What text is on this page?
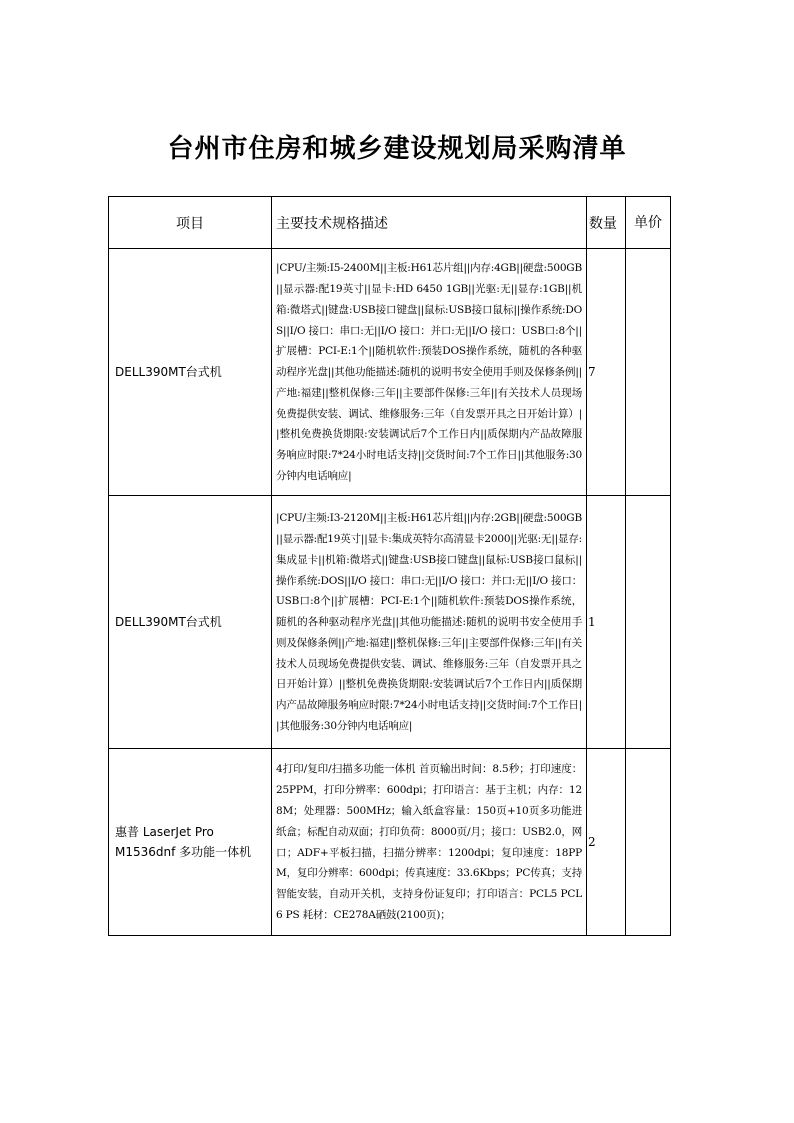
台州市住房和城乡建设规划局采购清单
项目	主要技术规格描述	数量	单价
DELL390MT台式机	|CPU/主频:I5-2400M||主板:H61芯片组||内存:4GB||硬盘:500GB||显示器:配19英寸||显卡:HD 6450 1GB||光驱:无||显存:1GB||机箱:微塔式||键盘:USB接口键盘||鼠标:USB接口鼠标||操作系统:DOS||I/O 接口：串口:无||I/O 接口：并口:无||I/O 接口：USB口:8个||扩展槽：PCI-E:1个||随机软件:预装DOS操作系统，随机的各种驱动程序光盘||其他功能描述:随机的说明书安全使用手则及保修条例||产地:福建||整机保修:三年||主要部件保修:三年||有关技术人员现场免费提供安装、调试、维修服务:三年（自发票开具之日开始计算）||整机免费换货期限:安装调试后7个工作日内||质保期内产品故障服务响应时限:7*24小时电话支持||交货时间:7个工作日||其他服务:30分钟内电话响应|	7	
DELL390MT台式机	|CPU/主频:I3-2120M||主板:H61芯片组||内存:2GB||硬盘:500GB||显示器:配19英寸||显卡:集成英特尔高清显卡2000||光驱:无||显存:集成显卡||机箱:微塔式||键盘:USB接口键盘||鼠标:USB接口鼠标||操作系统:DOS||I/O 接口：串口:无||I/O 接口：并口:无||I/O 接口：USB口:8个||扩展槽：PCI-E:1个||随机软件:预装DOS操作系统，随机的各种驱动程序光盘||其他功能描述:随机的说明书安全使用手则及保修条例||产地:福建||整机保修:三年||主要部件保修:三年||有关技术人员现场免费提供安装、调试、维修服务:三年（自发票开具之日开始计算）||整机免费换货期限:安装调试后7个工作日内||质保期内产品故障服务响应时限:7*24小时电话支持||交货时间:7个工作日||其他服务:30分钟内电话响应|	1	
惠普 LaserJet Pro M1536dnf 多功能一体机	4打印/复印/扫描多功能一体机 首页输出时间：8.5秒；打印速度：25PPM，打印分辨率：600dpi；打印语言：基于主机；内存：128M；处理器：500MHz；输入纸盒容量：150页+10页多功能进纸盒；标配自动双面；打印负荷：8000页/月；接口：USB2.0，网口；ADF+平板扫描，扫描分辨率：1200dpi；复印速度：18PPM，复印分辨率：600dpi；传真速度：33.6Kbps；PC传真；支持智能安装，自动开关机，支持身份证复印；打印语言：PCL5 PCL6 PS 耗材：CE278A硒鼓(2100页)；	2	
